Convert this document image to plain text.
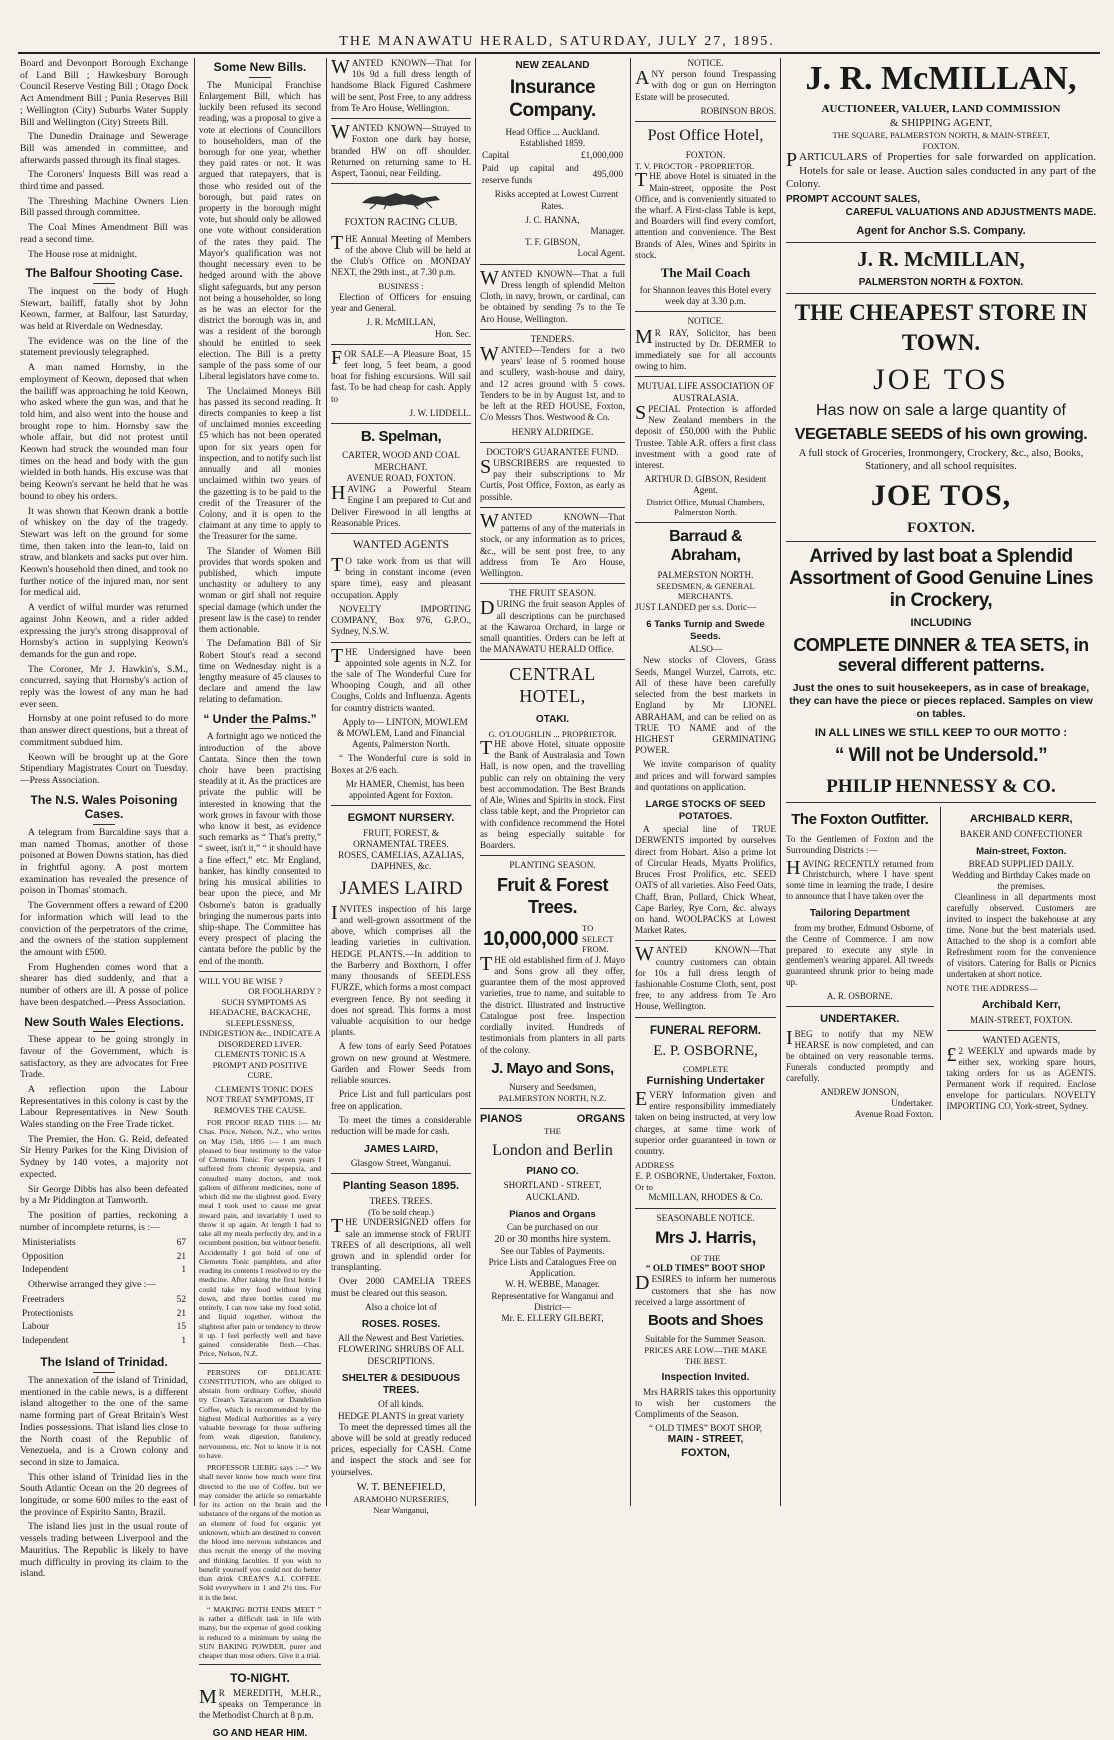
THE MANAWATU HERALD, SATURDAY, JULY 27, 1895.

Board and Devonport Borough Exchange of Land Bill ; Hawkesbury Borough Council Reserve Vesting Bill ; Otago Dock Act Amendment Bill ; Punia Reserves Bill ; Wellington (City) Suburbs Water Supply Bill and Wellington (City) Streets Bill.

The Dunedin Drainage and Sewerage Bill was amended in committee, and afterwards passed through its final stages.

The Coroners' Inquests Bill was read a third time and passed.

The Threshing Machine Owners Lien Bill passed through committee.

The Coal Mines Amendment Bill was read a second time.

The House rose at midnight.

The Balfour Shooting Case.

The inquest on the body of Hugh Stewart, bailiff, fatally shot by John Keown, farmer, at Balfour, last Saturday, was held at Riverdale on Wednesday.

The evidence was on the line of the statement previously telegraphed.

A man named Hornsby, in the employment of Keown, deposed that when the bailiff was approaching he told Keown, who asked where the gun was, and that he told him, and also went into the house and brought rope to him. Hornsby saw the whole affair, but did not protest until Keown had struck the wounded man four times on the head and body with the gun wielded in both hands. His excuse was that being Keown's servant he held that he was bound to obey his orders.

It was shown that Keown drank a bottle of whiskey on the day of the tragedy. Stewart was left on the ground for some time, then taken into the lean-to, laid on straw, and blankets and sacks put over him. Keown's household then dined, and took no further notice of the injured man, nor sent for medical aid.

A verdict of wilful murder was returned against John Keown, and a rider added expressing the jury's strong disapproval of Hornsby's action in supplying Keown's demands for the gun and rope.

The Coroner, Mr J. Hawkin's, S.M., concurred, saying that Hornsby's action of reply was the lowest of any man he had ever seen.

Hornsby at one point refused to do more than answer direct questions, but a threat of commitment subdued him.

Keown will be brought up at the Gore Stipendiary Magistrates Court on Tuesday.—Press Association.

The N.S. Wales Poisoning Cases.

A telegram from Barcaldine says that a man named Thomas, another of those poisoned at Bowen Downs station, has died in frightful agony. A post mortem examination has revealed the presence of poison in Thomas' stomach.

The Government offers a reward of £200 for information which will lead to the conviction of the perpetrators of the crime, and the owners of the station supplement the amount with £500.

From Hughenden comes word that a shearer has died suddenly, and that a number of others are ill. A posse of police have been despatched.—Press Association.

New South Wales Elections.

These appear to be going strongly in favour of the Government, which is satisfactory, as they are advocates for Free Trade.

A reflection upon the Labour Representatives in this colony is cast by the Labour Representatives in New South Wales standing on the Free Trade ticket.

The Premier, the Hon. G. Reid, defeated Sir Henry Parkes for the King Division of Sydney by 140 votes, a majority not expected.

Sir George Dibbs has also been defeated by a Mr Piddington at Tamworth.

The position of parties, reckoning a number of incomplete returns, is :—

Ministerialists	67
Opposition	21
Independent	1

Otherwise arranged they give :—

Freetraders	52
Protectionists	21
Labour	15
Independent	1
The Island of Trinidad.

The annexation of the island of Trinidad, mentioned in the cable news, is a different island altogether to the one of the same name forming part of Great Britain's West Indies possessions. That island lies close to the North coast of the Republic of Venezuela, and is a Crown colony and second in size to Jamaica.

This other island of Trinidad lies in the South Atlantic Ocean on the 20 degrees of longitude, or some 600 miles to the east of the province of Espirito Santo, Brazil.

The island lies just in the usual route of vessels trading between Liverpool and the Mauritius. The Republic is likely to have much difficulty in proving its claim to the island.

Some New Bills.

The Municipal Franchise Enlargement Bill, which has luckily been refused its second reading, was a proposal to give a vote at elections of Councillors to householders, man of the borough for one year, whether they paid rates or not. It was argued that ratepayers, that is those who resided out of the borough, but paid rates on property in the borough might vote, but should only be allowed one vote without consideration of the rates they paid. The Mayor's qualification was not thought necessary even to be hedged around with the above slight safeguards, but any person not being a householder, so long as he was an elector for the district the borough was in, and was a resident of the borough should be entitled to seek election. The Bill is a pretty sample of the pass some of our Liberal legislators have come to.

The Unclaimed Moneys Bill has passed its second reading. It directs companies to keep a list of unclaimed monies exceeding £5 which has not been operated upon for six years open for inspection, and to notify such list annually and all monies unclaimed within two years of the gazetting is to be paid to the credit of the Treasurer of the Colony, and it is open to the claimant at any time to apply to the Treasurer for the same.

The Slander of Women Bill provides that words spoken and published, which impute unchastity or adultery to any woman or girl shall not require special damage (which under the present law is the case) to render them actionable.

The Defamation Bill of Sir Robert Stout's read a second time on Wednesday night is a lengthy measure of 45 clauses to declare and amend the law relating to defamation.

“ Under the Palms.”

A fortnight ago we noticed the introduction of the above Cantata. Since then the town choir have been practising steadily at it. As the practices are private the public will be interested in knowing that the work grows in favour with those who know it best, as evidence such remarks as “ That's pretty,” “ sweet, isn't it,” “ it should have a fine effect,” etc. Mr England, banker, has kindly consented to bring his musical abilities to bear upon the piece, and Mr Osborne's baton is gradually bringing the numerous parts into ship-shape. The Committee has every prospect of placing the cantata before the public by the end of the month.

WILL YOU BE WISE ?
OR FOOLHARDY ?

SUCH SYMPTOMS AS HEADACHE, BACKACHE, SLEEPLESSNESS, INDIGESTION &c., INDICATE A DISORDERED LIVER. CLEMENTS TONIC IS A PROMPT AND POSITIVE CURE.

CLEMENTS TONIC DOES NOT TREAT SYMPTOMS, IT REMOVES THE CAUSE.

FOR PROOF READ THIS :— Mr Chas. Price, Nelson, N.Z., who writes on May 15th, 1895 :— I am much pleased to bear testimony to the value of Clements Tonic. For seven years I suffered from chronic dyspepsia, and consulted many doctors, and took gallons of different medicines, none of which did me the slightest good. Every meal I took used to cause me great inward pain, and invariably I used to throw it up again. At length I had to take all my meals perfectly dry, and in a recumbent position, but without benefit. Accidentally I got hold of one of Clements Tonic pamphlets, and after reading its contents I resolved to try the medicine. After taking the first bottle I could take my food without lying down, and three bottles cured me entirely. I can now take my food solid, and liquid together, without the slightest after pain or tendency to throw it up. I feel perfectly well and have gained considerable flesh.—Chas. Price, Nelson, N.Z.

PERSONS OF DELICATE CONSTITUTION, who are obliged to abstain from ordinary Coffee, should try Crean's Taraxacum or Dandelion Coffee, which is recommended by the highest Medical Authorities as a very valuable beverage for those suffering from weak digestion, flatulency, nervousness, etc. Not to know it is not to have.

PROFESSOR LIEBIG says :—“ We shall never know how much were first directed to the use of Coffee, but we may consider the article so remarkable for its action on the brain and the substance of the organs of the motion as an element of food for organic yet unknown, which are destined to convert the blood into nervous substances and thus recruit the energy of the moving and thinking faculties. If you wish to benefit yourself you could not do better than drink CREAN'S A.I. COFFEE. Sold everywhere in 1 and 2½ tins. For it is the best.

“ MAKING BOTH ENDS MEET ” is rather a difficult task in life with many, but the expense of good cooking is reduced to a minimum by using the SUN BAKING POWDER, purer and cheaper than most others. Give it a trial.

TO-NIGHT.

MR MEREDITH, M.H.R., speaks on Temperance in the Methodist Church at 8 p.m.

GO AND HEAR HIM.

WANTED KNOWN—That for 10s 9d a full dress length of handsome Black Figured Cashmere will be sent, Post Free, to any address from Te Aro House, Wellington.

WANTED KNOWN—Strayed to Foxton one dark bay horse, branded HW on off shoulder. Returned on returning same to H. Aspert, Taonui, near Feilding.

FOXTON RACING CLUB.

THE Annual Meeting of Members of the above Club will be held at the Club's Office on MONDAY NEXT, the 29th inst., at 7.30 p.m.

BUSINESS :

Election of Officers for ensuing year and General.

J. R. McMILLAN,
Hon. Sec.

FOR SALE—A Pleasure Boat, 15 feet long, 5 feet beam, a good boat for fishing excursions. Will sail fast. To be had cheap for cash. Apply to

J. W. LIDDELL.
B. Spelman,
CARTER, WOOD AND COAL MERCHANT.
AVENUE ROAD, FOXTON.

HAVING a Powerful Steam Engine I am prepared to Cut and Deliver Firewood in all lengths at Reasonable Prices.

WANTED AGENTS

TO take work from us that will bring in constant income (even spare time), easy and pleasant occupation. Apply

NOVELTY IMPORTING COMPANY, Box 976, G.P.O., Sydney, N.S.W.

THE Undersigned have been appointed sole agents in N.Z. for the sale of The Wonderful Cure for Whooping Cough, and all other Coughs, Colds and Influenza. Agents for country districts wanted.

Apply to— LINTON, MOWLEM & MOWLEM, Land and Financial Agents, Palmerston North.

“ The Wonderful cure is sold in Boxes at 2/6 each.

Mr HAMER, Chemist, has been appointed Agent for Foxton.

EGMONT NURSERY.
FRUIT, FOREST, & ORNAMENTAL TREES.
ROSES, CAMELIAS, AZALIAS, DAPHNES, &c.
JAMES LAIRD

INVITES inspection of his large and well-grown assortment of the above, which comprises all the leading varieties in cultivation. HEDGE PLANTS.—In addition to the Barberry and Boxthorn, I offer many thousands of SEEDLESS FURZE, which forms a most compact evergreen fence. By not seeding it does not spread. This forms a most valuable acquisition to our hedge plants.

A few tons of early Seed Potatoes grown on new ground at Westmere. Garden and Flower Seeds from reliable sources.

Price List and full particulars post free on application.

To meet the times a considerable reduction will be made for cash.

JAMES LAIRD,
Glasgow Street, Wanganui.
Planting Season 1895.
TREES. TREES.
(To be sold cheap.)

THE UNDERSIGNED offers for sale an immense stock of FRUIT TREES of all descriptions, all well grown and in splendid order for transplanting.

Over 2000 CAMELIA TREES must be cleared out this season.

Also a choice lot of
ROSES. ROSES.
All the Newest and Best Varieties.
FLOWERING SHRUBS OF ALL DESCRIPTIONS.
SHELTER & DESIDUOUS TREES.
Of all kinds.
HEDGE PLANTS in great variety

To meet the depressed times all the above will be sold at greatly reduced prices, especially for CASH. Come and inspect the stock and see for yourselves.

W. T. BENEFIELD,
ARAMOHO NURSERIES,
Near Wanganui,
NEW ZEALAND
Insurance Company.
Head Office ... Auckland.
Established 1859.
Capital	£1,000,000
Paid up capital and reserve funds	495,000

Risks accepted at Lowest Current Rates.

J. C. HANNA,
Manager.
T. F. GIBSON,
Local Agent.

WANTED KNOWN—That a full Dress length of splendid Melton Cloth, in navy, brown, or cardinal, can be obtained by sending 7s to the Te Aro House, Wellington.

TENDERS.

WANTED—Tenders for a two years' lease of 5 roomed house and scullery, wash-house and dairy, and 12 acres ground with 5 cows. Tenders to be in by August 1st, and to be left at the RED HOUSE, Foxton, C/o Messrs Thos. Westwood & Co.

HENRY ALDRIDGE.
DOCTOR'S GUARANTEE FUND.

SUBSCRIBERS are requested to pay their subscriptions to Mr Curtis, Post Office, Foxton, as early as possible.

WANTED KNOWN—That patterns of any of the materials in stock, or any information as to prices, &c., will be sent post free, to any address from Te Aro House, Wellington.

THE FRUIT SEASON.

DURING the fruit season Apples of all descriptions can be purchased at the Kawaroa Orchard, in large or small quantities. Orders can be left at the MANAWATU HERALD Office.

CENTRAL HOTEL,
OTAKI.
G. O'LOUGHLIN ... PROPRIETOR.

THE above Hotel, situate opposite the Bank of Australasia and Town Hall, is now open, and the travelling public can rely on obtaining the very best accommodation. The Best Brands of Ale, Wines and Spirits in stock. First class table kept, and the Proprietor can with confidence recommend the Hotel as being especially suitable for Boarders.

PLANTING SEASON.
Fruit & Forest Trees.
10,000,000 TO SELECT FROM.

THE old established firm of J. Mayo and Sons grow all they offer, guarantee them of the most approved varieties, true to name, and suitable to the district. Illustrated and Instructive Catalogue post free. Inspection cordially invited. Hundreds of testimonials from planters in all parts of the colony.

J. Mayo and Sons,
Nursery and Seedsmen,
PALMERSTON NORTH, N.Z.
PIANOS	ORGANS
THE
London and Berlin
PIANO CO.
SHORTLAND - STREET,
AUCKLAND.
Pianos and Organs
Can be purchased on our
20 or 30 months hire system.
See our Tables of Payments.
Price Lists and Catalogues Free on Application.
W. H. WEBBE, Manager.
Representative for Wanganui and District—
Mr. E. ELLERY GILBERT,
NOTICE.

ANY person found Trespassing with dog or gun on Herrington Estate will be prosecuted.

ROBINSON BROS.
Post Office Hotel,
FOXTON.
T. V. PROCTOR - PROPRIETOR.

THE above Hotel is situated in the Main-street, opposite the Post Office, and is conveniently situated to the wharf. A First-class Table is kept, and Boarders will find every comfort, attention and convenience. The Best Brands of Ales, Wines and Spirits in stock.

The Mail Coach
for Shannon leaves this Hotel every week day at 3.30 p.m.
NOTICE.

MR RAY, Solicitor, has been instructed by Dr. DERMER to immediately sue for all accounts owing to him.

MUTUAL LIFE ASSOCIATION OF AUSTRALASIA.

SPECIAL Protection is afforded New Zealand members in the deposit of £50,000 with the Public Trustee. Table A.R. offers a first class investment with a good rate of interest.

ARTHUR D. GIBSON, Resident Agent.
District Office, Mutual Chambers, Palmerston North.
Barraud & Abraham,
PALMERSTON NORTH.
SEEDSMEN, & GENERAL MERCHANTS.

JUST LANDED per s.s. Doric—

6 Tanks Turnip and Swede Seeds.
ALSO—

New stocks of Clovers, Grass Seeds, Mangel Wurzel, Carrots, etc. All of these have been carefully selected from the best markets in England by Mr LIONEL ABRAHAM, and can be relied on as TRUE TO NAME and of the HIGHEST GERMINATING POWER.

We invite comparison of quality and prices and will forward samples and quotations on application.

LARGE STOCKS OF SEED POTATOES.

A special line of TRUE DERWENTS imported by ourselves direct from Hobart. Also a prime lot of Circular Heads, Myatts Prolifics, Bruces Frost Prolifics, etc. SEED OATS of all varieties. Also Feed Oats, Chaff, Bran, Pollard, Chick Wheat, Cape Barley, Rye Corn, &c. always on hand. WOOLPACKS at Lowest Market Rates.

WANTED KNOWN—That country customers can obtain for 10s a full dress length of fashionable Costume Cloth, sent, post free, to any address from Te Aro House, Wellington.

FUNERAL REFORM.
E. P. OSBORNE,
COMPLETE
Furnishing Undertaker

EVERY Information given and entire responsibility immediately taken on being instructed, at very low charges, at same time work of superior order guaranteed in town or country.

ADDRESS
E. P. OSBORNE, Undertaker, Foxton.
Or to
McMILLAN, RHODES & Co.
SEASONABLE NOTICE.
Mrs J. Harris,
OF THE
“ OLD TIMES” BOOT SHOP

DESIRES to inform her numerous customers that she has now received a large assortment of

Boots and Shoes
Suitable for the Summer Season.
PRICES ARE LOW—THE MAKE THE BEST.
Inspection Invited.

Mrs HARRIS takes this opportunity to wish her customers the Compliments of the Season.

“ OLD TIMES” BOOT SHOP,
MAIN - STREET,
FOXTON,
J. R. McMILLAN,
AUCTIONEER, VALUER, LAND COMMISSION
& SHIPPING AGENT,
THE SQUARE, PALMERSTON NORTH, & MAIN-STREET,
FOXTON.

PARTICULARS of Properties for sale forwarded on application. Hotels for sale or lease. Auction sales conducted in any part of the Colony.

PROMPT ACCOUNT SALES,
CAREFUL VALUATIONS AND ADJUSTMENTS MADE.
Agent for Anchor S.S. Company.
J. R. McMILLAN,
PALMERSTON NORTH & FOXTON.
THE CHEAPEST STORE IN TOWN.
JOE TOS
Has now on sale a large quantity of
VEGETABLE SEEDS of his own growing.
A full stock of Groceries, Ironmongery, Crockery, &c., also, Books, Stationery, and all school requisites.
JOE TOS,
FOXTON.
Arrived by last boat a Splendid Assortment of Good Genuine Lines in Crockery,
INCLUDING
COMPLETE DINNER & TEA SETS, in several different patterns.
Just the ones to suit housekeepers, as in case of breakage, they can have the piece or pieces replaced. Samples on view on tables.
IN ALL LINES WE STILL KEEP TO OUR MOTTO :
“ Will not be Undersold.”
PHILIP HENNESSY & CO.
The Foxton Outfitter.

To the Gentlemen of Foxton and the Surrounding Districts :—

HAVING RECENTLY returned from Christchurch, where I have spent some time in learning the trade, I desire to announce that I have taken over the

Tailoring Department

from my brother, Edmund Osborne, of the Centre of Commerce. I am now prepared to execute any style in gentlemen's wearing apparel. All tweeds guaranteed shrunk prior to being made up.

A. R. OSBORNE.
UNDERTAKER.

IBEG to notify that my NEW HEARSE is now completed, and can be obtained on very reasonable terms. Funerals conducted promptly and carefully.

ANDREW JONSON,
Undertaker.
Avenue Road Foxton.
ARCHIBALD KERR,
BAKER AND CONFECTIONER
Main-street, Foxton.
BREAD SUPPLIED DAILY.
Wedding and Birthday Cakes made on the premises.

Cleanliness in all departments most carefully observed. Customers are invited to inspect the bakehouse at any time. None but the best materials used. Attached to the shop is a comfort able Refreshment room for the convenience of visitors. Catering for Balls or Picnics undertaken at short notice.

NOTE THE ADDRESS—
Archibald Kerr,
MAIN-STREET, FOXTON.
WANTED AGENTS,

£2 WEEKLY and upwards made by either sex, working spare hours, taking orders for us as AGENTS. Permanent work if required. Enclose envelope for particulars. NOVELTY IMPORTING CO, York-street, Sydney.
